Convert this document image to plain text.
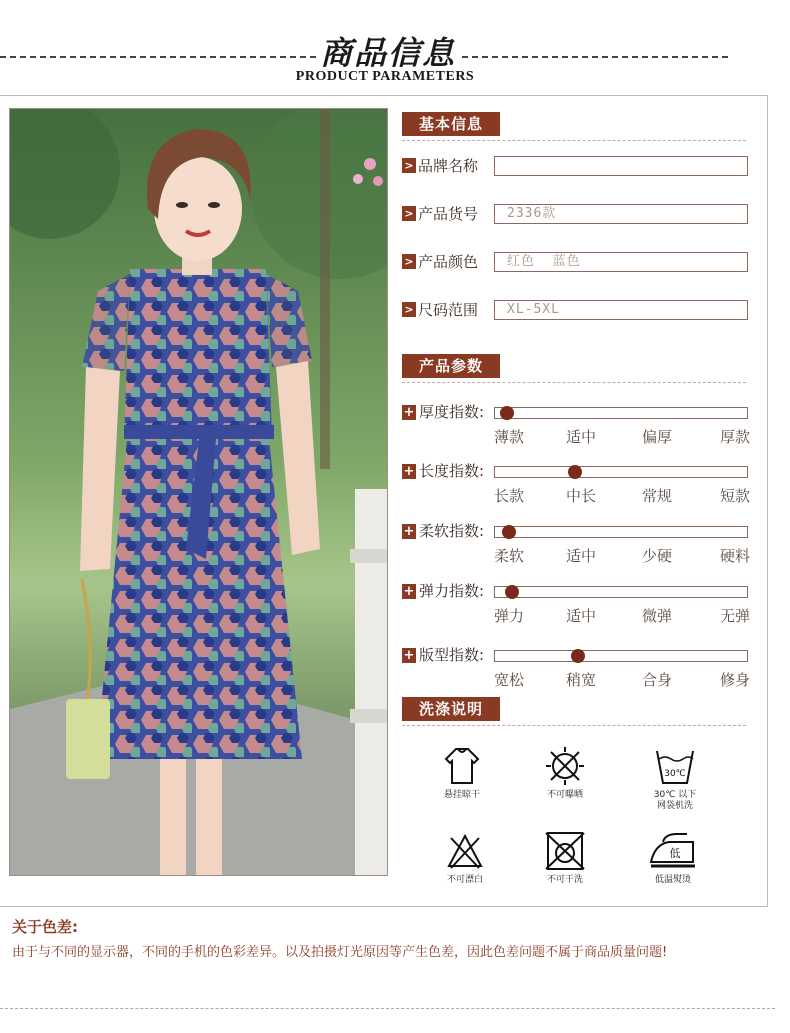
商品信息
PRODUCT PARAMETERS
基本信息
> 品牌名称
> 产品货号	2336款
> 产品颜色	红色  蓝色
> 尺码范围	XL-5XL
产品参数
+ 厚度指数:
薄款	适中	偏厚	厚款
+ 长度指数:
长款	中长	常规	短款
+ 柔软指数:
柔软	适中	少硬	硬料
+ 弹力指数:
弹力	适中	微弹	无弹
+ 版型指数:
宽松	稍宽	合身	修身
洗涤说明
悬挂晾干	不可曝晒
30℃
30℃ 以下
网袋机洗
不可漂白	不可干洗
低
低温熨烫
关于色差:
由于与不同的显示器，不同的手机的色彩差异。以及拍摄灯光原因等产生色差，因此色差问题不属于商品质量问题!
